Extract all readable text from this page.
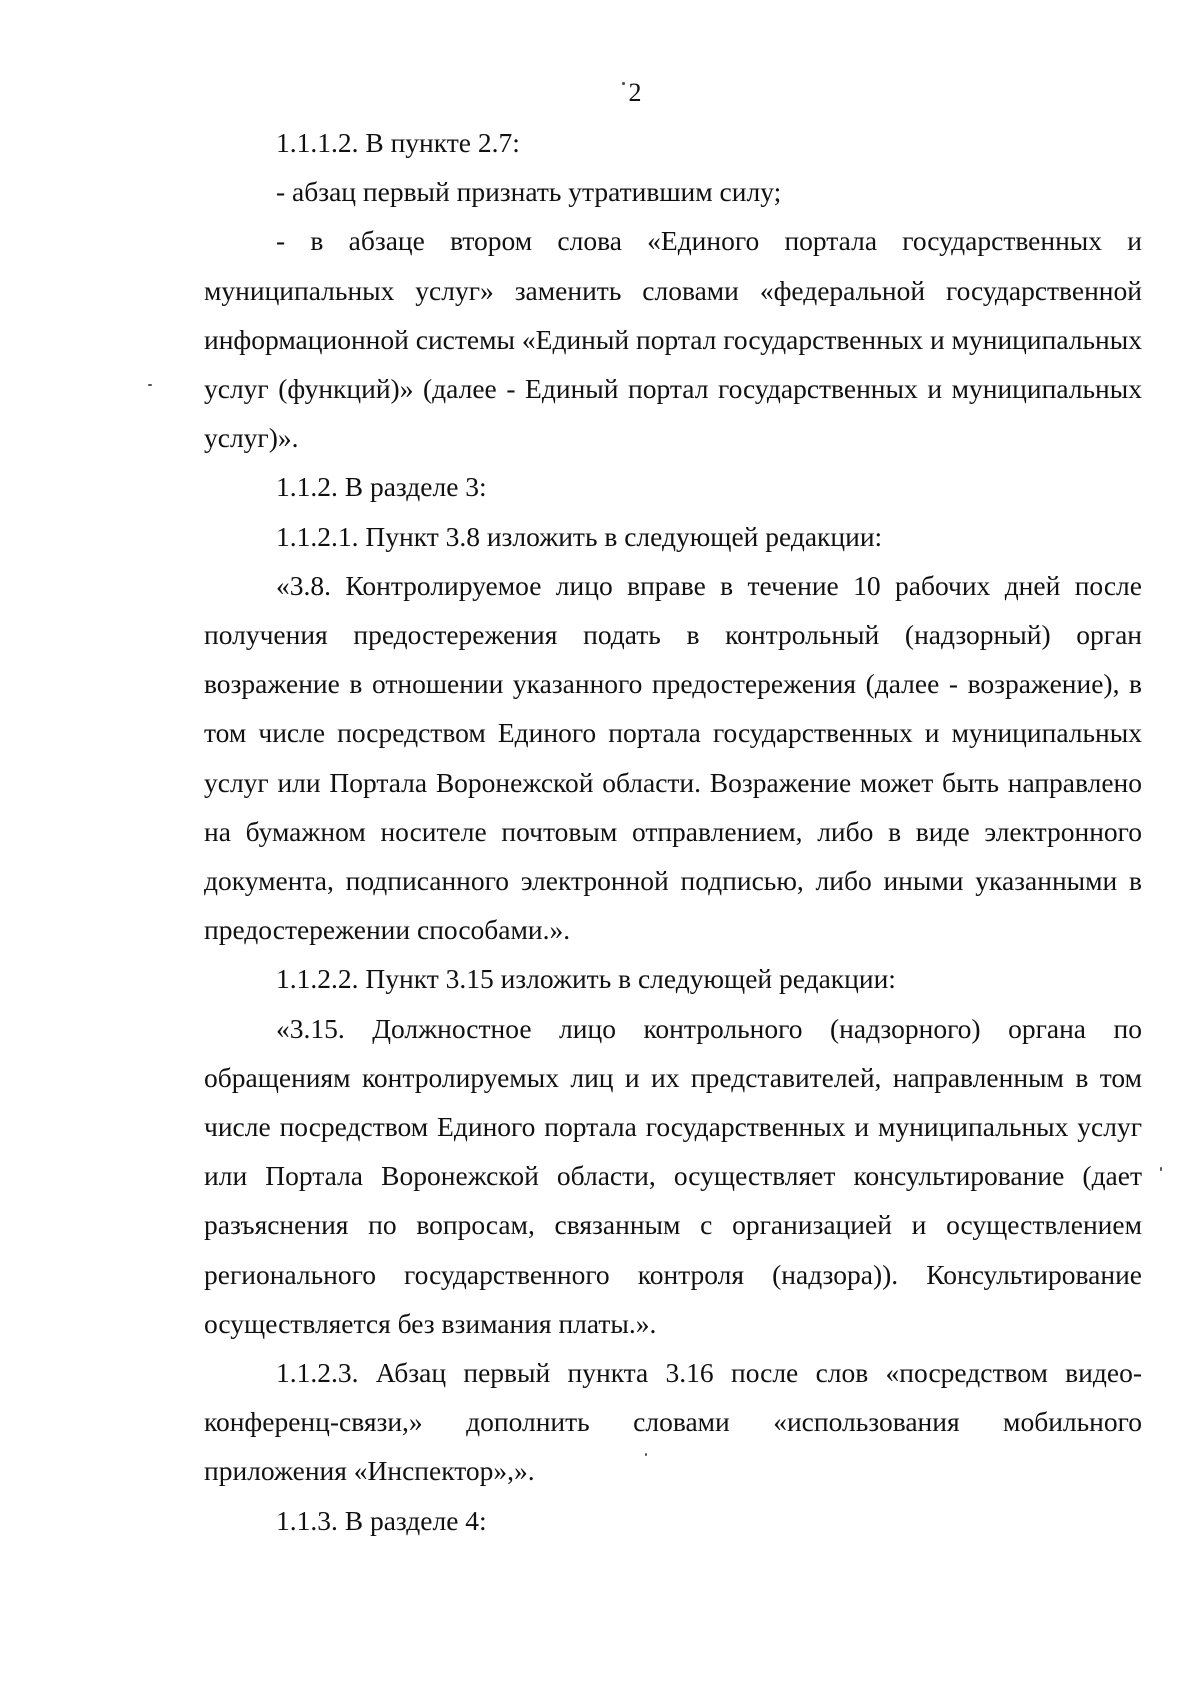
2

1.1.1.2. В пункте 2.7:

- абзац первый признать утратившим силу;

- в абзаце втором слова «Единого портала государственных и муниципальных услуг» заменить словами «федеральной государственной информационной системы «Единый портал государственных и муниципальных услуг (функций)» (далее - Единый портал государственных и муниципальных услуг)».

1.1.2. В разделе 3:

1.1.2.1. Пункт 3.8 изложить в следующей редакции:

«3.8. Контролируемое лицо вправе в течение 10 рабочих дней после получения предостережения подать в контрольный (надзорный) орган возражение в отношении указанного предостережения (далее - возражение), в том числе посредством Единого портала государственных и муниципальных услуг или Портала Воронежской области. Возражение может быть направлено на бумажном носителе почтовым отправлением, либо в виде электронного документа, подписанного электронной подписью, либо иными указанными в предостережении способами.».

1.1.2.2. Пункт 3.15 изложить в следующей редакции:

«3.15. Должностное лицо контрольного (надзорного) органа по обращениям контролируемых лиц и их представителей, направленным в том числе посредством Единого портала государственных и муниципальных услуг или Портала Воронежской области, осуществляет консультирование (дает разъяснения по вопросам, связанным с организацией и осуществлением регионального государственного контроля (надзора)). Консультирование осуществляется без взимания платы.».

1.1.2.3. Абзац первый пункта 3.16 после слов «посредством видео-конференц-связи,» дополнить словами «использования мобильного приложения «Инспектор»,».

1.1.3. В разделе 4:
